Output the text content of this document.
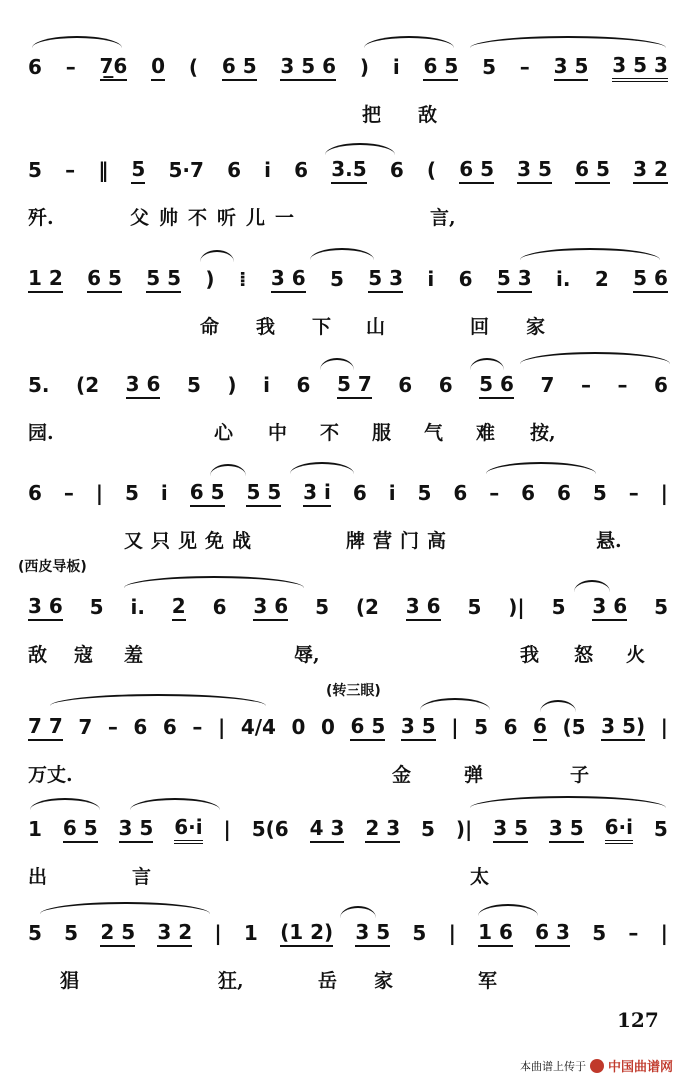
6 – 7̲6 0 ( 6 5 3 5 6 ) i 6 5 5 – 3 5 3 5 3
把 敌
5 – ‖ 5 5·7 6 i 6 3.5 6 ( 6 5 3 5 6 5 3 2
歼.	父帅不听儿一	言,
1 2 6 5 5 5 ) ⁞ 3 6 5 5 3 i 6 5 3 i. 2 5 6
命 我 下 山	回 家
5. (2 3 6 5 ) i 6 5 7 6 6 5 6 7 – – 6
园.	心 中 不 服 气 难 按,
6 – | 5 i 6 5 5 5 3 i 6 i 5 6 – 6 6 5 – |
又只见免战	牌营门高	悬.
(西皮导板)
3 6 5 i. 2 6 3 6 5 (2 3 6 5 )| 5 3 6 5
敌 寇 羞	辱,	我 怒 火
(转三眼)
7 7 7 – 6 6 – | 4/4 0 0 6 5 3 5 | 5 6 6 (5 3 5) |
万丈.	金	弹	子
1 6 5 3 5 6·i | 5(6 4 3 2 3 5 )| 3 5 3 5 6·i 5
出	言	太
5 5 2 5 3 2 | 1 (1 2) 3 5 5 | 1 6 6 3 5 – |
猖	狂,	岳 家	军
127
本曲谱上传于 中国曲谱网
